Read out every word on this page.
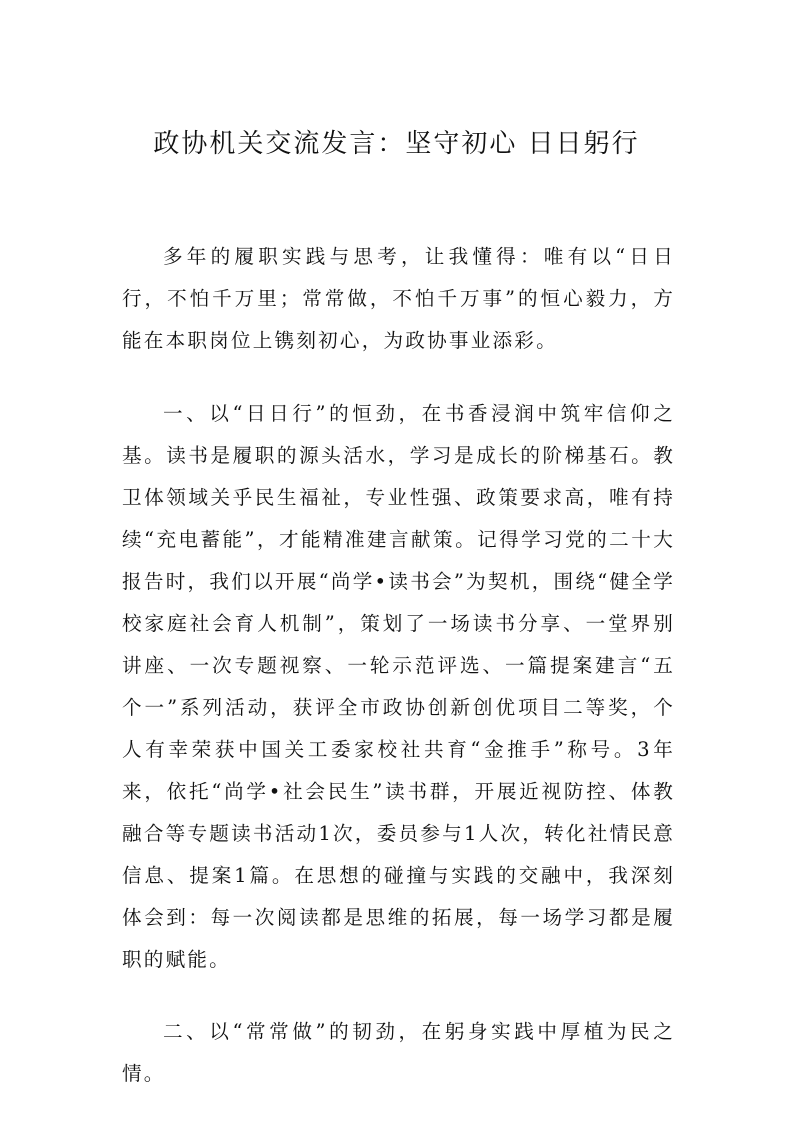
政协机关交流发言：坚守初心 日日躬行
多年的履职实践与思考，让我懂得：唯有以“日日行，不怕千万里；常常做，不怕千万事”的恒心毅力，方能在本职岗位上镌刻初心，为政协事业添彩。
一、以“日日行”的恒劲，在书香浸润中筑牢信仰之基。读书是履职的源头活水，学习是成长的阶梯基石。教卫体领域关乎民生福祉，专业性强、政策要求高，唯有持续“充电蓄能”，才能精准建言献策。记得学习党的二十大报告时，我们以开展“尚学•读书会”为契机，围绕“健全学校家庭社会育人机制”，策划了一场读书分享、一堂界别讲座、一次专题视察、一轮示范评选、一篇提案建言“五个一”系列活动，获评全市政协创新创优项目二等奖，个人有幸荣获中国关工委家校社共育“金推手”称号。3年来，依托“尚学•社会民生”读书群，开展近视防控、体教融合等专题读书活动1次，委员参与1人次，转化社情民意信息、提案1篇。在思想的碰撞与实践的交融中，我深刻体会到：每一次阅读都是思维的拓展，每一场学习都是履职的赋能。
二、以“常常做”的韧劲，在躬身实践中厚植为民之情。
